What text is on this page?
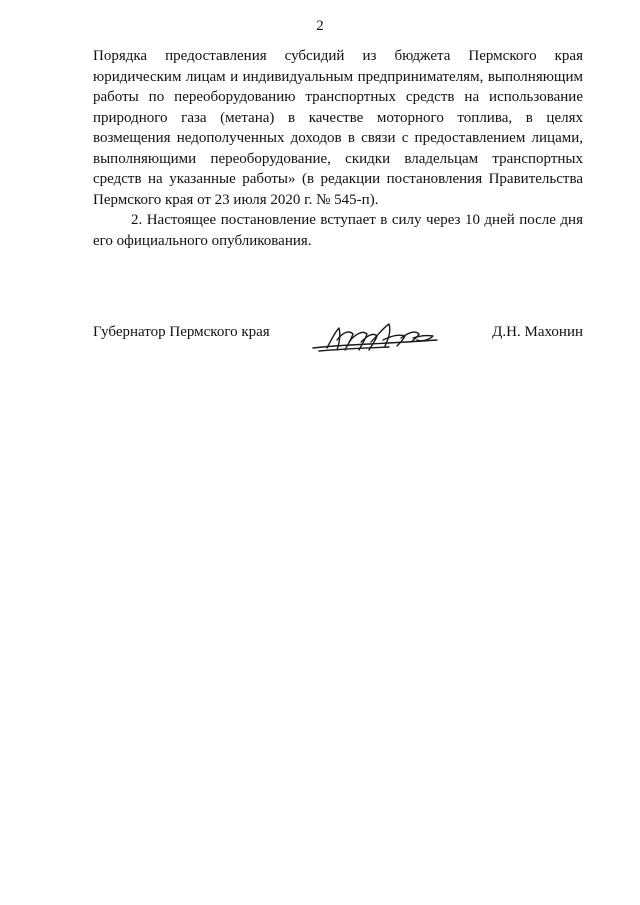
2

Порядка предоставления субсидий из бюджета Пермского края юридическим лицам и индивидуальным предпринимателям, выполняющим работы по переоборудованию транспортных средств на использование природного газа (метана) в качестве моторного топлива, в целях возмещения недополученных доходов в связи с предоставлением лицами, выполняющими переоборудование, скидки владельцам транспортных средств на указанные работы» (в редакции постановления Правительства Пермского края от 23 июля 2020 г. № 545-п).

2. Настоящее постановление вступает в силу через 10 дней после дня его официального опубликования.

Губернатор Пермского края	Д.Н. Махонин
